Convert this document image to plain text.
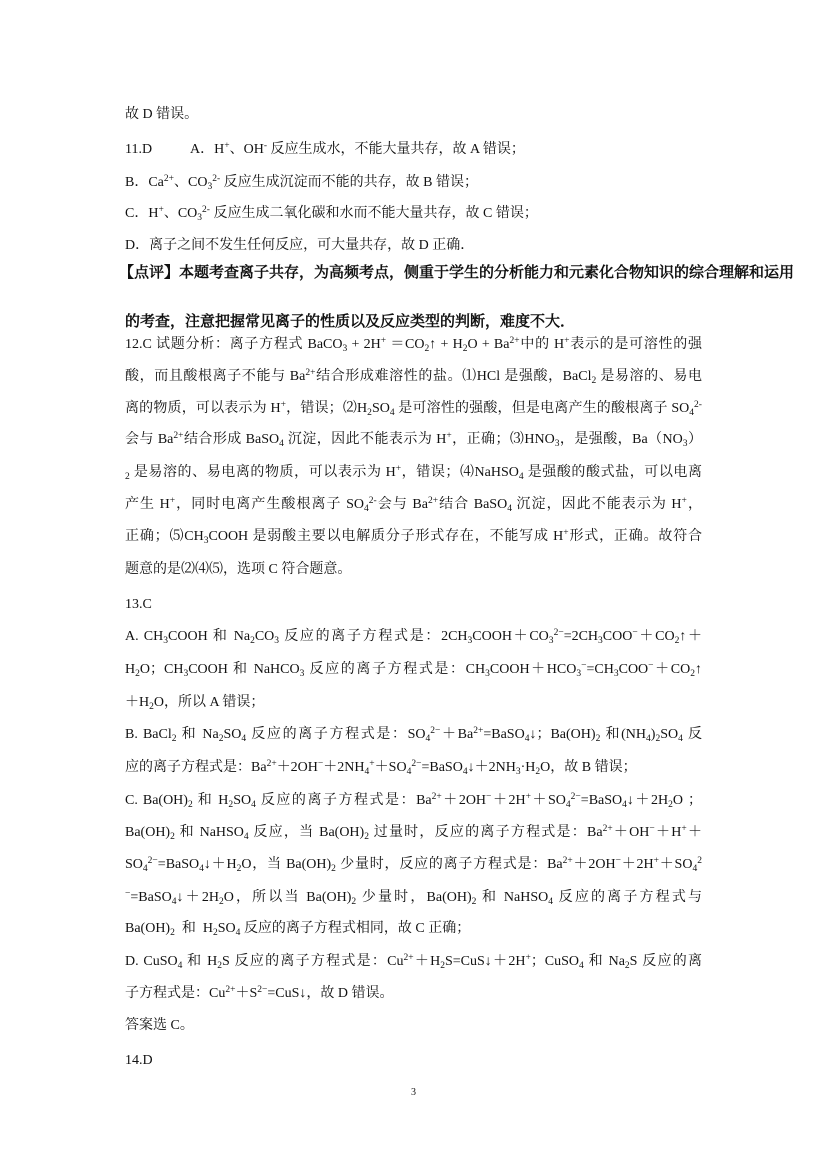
故 D 错误。
11.D	A．H+、OH- 反应生成水，不能大量共存，故 A 错误；
B．$Ca^{2+}$、$CO_3^{2-}$ 反应生成沉淀而不能的共存，故 B 错误；
C．H+、$CO_3^{2-}$ 反应生成二氧化碳和水而不能大量共存，故 C 错误；
D．离子之间不发生任何反应，可大量共存，故 D 正确．
【点评】本题考查离子共存，为高频考点，侧重于学生的分析能力和元素化合物知识的综合理解和运用
的考查，注意把握常见离子的性质以及反应类型的判断，难度不大．
12.C 试题分析：离子方程式 BaCO$_3$ + $2H^+ =CO_2↑ + H_2O + Ba^{2+}$中的 H+表示的是可溶性的强
酸，而且酸根离子不能与 $Ba^{2+}$结合形成难溶性的盐。⑴HCl 是强酸，BaCl$_2$ 是易溶的、易电
离的物质，可以表示为 H+，错误；$⑵H_2SO_4$ 是可溶性的强酸，但是电离产生的酸根离子 $SO_4^{2-}$
会与 $Ba^{2+}$结合形成 BaSO$_4$ 沉淀，因此不能表示为 H+，正确；$⑶HNO_3$，是强酸，$Ba(NO_3)$
$_2$ 是易溶的、易电离的物质，可以表示为 H+，错误；⑷NaHSO$_4$ 是强酸的酸式盐，可以电离
产生 H+，同时电离产生酸根离子 $SO_4^{2-}$会与 $Ba^{2+}$结合 BaSO$_4$ 沉淀，因此不能表示为 H+，
正确；$⑸CH_3COOH$ 是弱酸主要以电解质分子形式存在，不能写成 H+形式，正确。故符合
题意的是⑵⑷⑸，选项 C 符合题意。
13.C
A. $CH_3COOH$ 和 $Na_2CO_3$ 反应的离子方程式是：$2CH_3COOH+CO_3^{2-}=2CH_3COO^-+CO_2↑+$
$H_2O$；$CH_3COOH$ 和 NaHCO$_3$ 反应的离子方程式是：$CH_3COOH+HCO_3^-=CH_3COO^-+CO_2↑$
$+H_2O$，所以 A 错误；
B. BaCl$_2$ 和 $Na_2SO_4$ 反应的离子方程式是：$SO_4^{2-}+Ba^{2+}=BaSO_4↓$；$Ba(OH)_2$ 和$(NH_4)_2SO_4$ 反
应的离子方程式是：$Ba^{2+}+2OH^-+2NH_4^++SO_4^{2-}=BaSO_4↓+2NH_3\cdot H_2O$，故 B 错误；
C. $Ba(OH)_2$ 和 $H_2SO_4$ 反应的离子方程式是：$Ba^{2+}+2OH^-+2H^++SO_4^{2-}=BaSO_4↓+2H_2O$ ；
$Ba(OH)_2$ 和 NaHSO$_4$ 反应，当 $Ba(OH)_2$ 过量时，反应的离子方程式是：$Ba^{2+}+OH^-+H^++$
$SO_4^{2-}=BaSO_4↓+H_2O$，当 $Ba(OH)_2$ 少量时，反应的离子方程式是：$Ba^{2+}+2OH^-+2H^++SO_4^2$
$^-=BaSO_4↓+2H_2O$，所以当 $Ba(OH)_2$ 少量时，$Ba(OH)_2$ 和 NaHSO$_4$ 反应的离子方程式与
$Ba(OH)_2$  和  $H_2SO_4$ 反应的离子方程式相同，故 C 正确；
D. CuSO$_4$ 和 $H_2S$ 反应的离子方程式是：$Cu^{2+}+H_2S=CuS↓+2H^+$；CuSO$_4$ 和 $Na_2S$ 反应的离
子方程式是：$Cu^{2+}+S^{2-}=CuS↓$，故 D 错误。
答案选 C。
14.D
3
